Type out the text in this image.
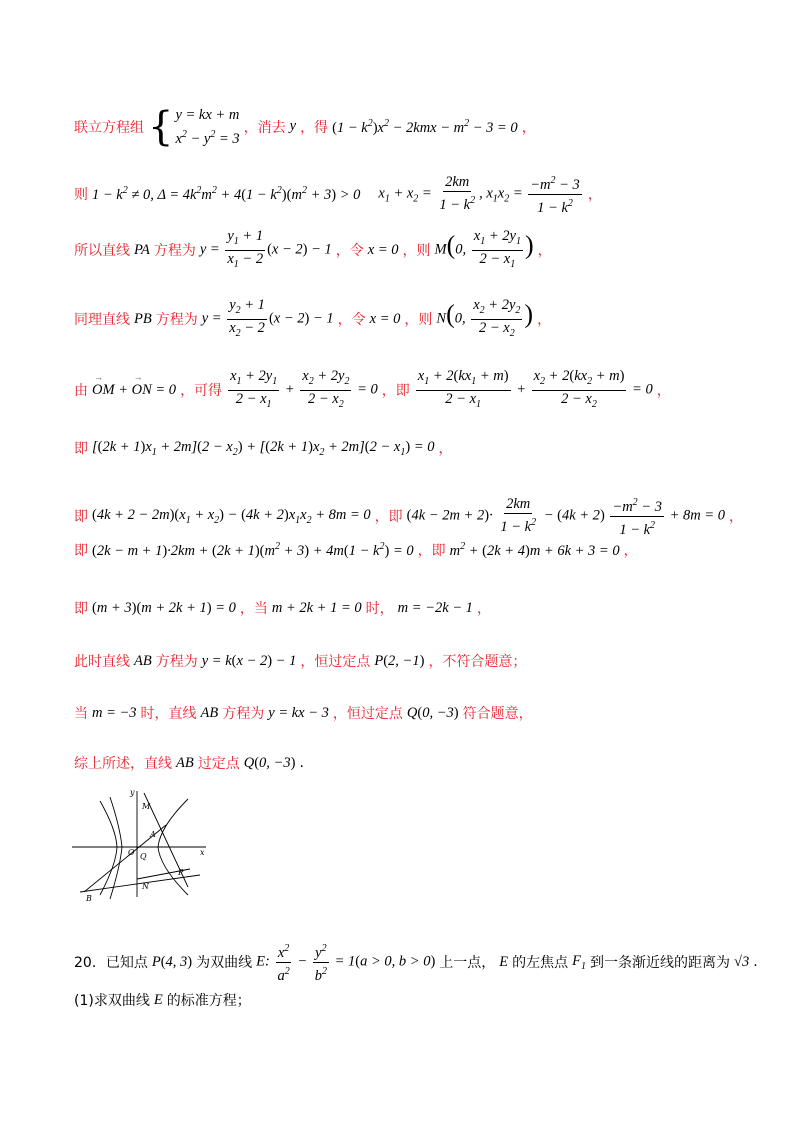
联立方程组 { y = kx + m
$x^2 - y^2 = 3$
，消去 y ，得 $(1 - k^2)x^2 - 2kmx - m^2 - 3 = 0$ ，
则 $1 - k^2 \ne 0$, $\Delta = 4k^2m^2 + 4(1 - k^2)(m^2 + 3) > 0$ $x_1 + x_2 = \frac{2km}{1 - k^2}$ , $x_1x_2 = \frac{-m^2 - 3}{1 - k^2}$ ，
所以直线 PA 方程为 $y = \frac{y_1 + 1}{x_1 - 2} (x - 2) - 1$ ，令 x = 0 ，则 M(0, $\frac{x_1 + 2y_1}{2 - x_1}$ ) ，
同理直线 PB 方程为 $y = \frac{y_2 + 1}{x_2 - 2} (x - 2) - 1$ ，令 x = 0 ，则 N(0, $\frac{x_2 + 2y_2}{2 - x_2}$ ) ，
由
→ OM + → ON = 0 ，可得 $\frac{x_1 + 2y_1}{2 - x_1} + \frac{x_2 + 2y_2}{2 - x_2} = 0$ ，即 $\frac{x_1 + 2(kx_1 + m)}{2 - x_1} + \frac{x_2 + 2(kx_2 + m)}{2 - x_2} = 0$ ，
即 $[(2k + 1)x_1 + 2m](2 - x_2) + [(2k + 1)x_2 + 2m](2 - x_1) = 0$ ，
即 $(4k + 2 - 2m)(x_1 + x_2) - (4k + 2)x_1x_2 + 8m = 0$ ，即 $(4k - 2m + 2)\cdot \frac{2km}{1 - k^2} - (4k + 2) \frac{-m^2 - 3}{1 - k^2} + 8m = 0$ ，
即 $(2k - m + 1)\cdot 2km + (2k + 1)(m^2 + 3) + 4m(1 - k^2) = 0$ ，即 $m^2 + (2k + 4)m + 6k + 3 = 0$ ，
即 (m + 3)(m + 2k + 1) = 0 ，当 m + 2k + 1 = 0 时， m = −2k − 1 ，
此时直线 AB 方程为 y = k(x − 2) − 1 ，恒过定点 P(2, −1) ，不符合题意；
当 m = −3 时，直线 AB 方程为 y = kx − 3 ，恒过定点 Q(0, −3) 符合题意，
综上所述，直线 AB 过定点 Q(0, −3) .
y
x
M
A
O Q
N
P
B
20． 已知点 P(4, 3) 为双曲线 E: $\frac{x^2}{a^2} - \frac{y^2}{b^2} = 1(a > 0$, b > 0) 上一点， E 的左焦点 $F_1$ 到一条渐近线的距离为 √3 .
(1)求双曲线 E 的标准方程；
